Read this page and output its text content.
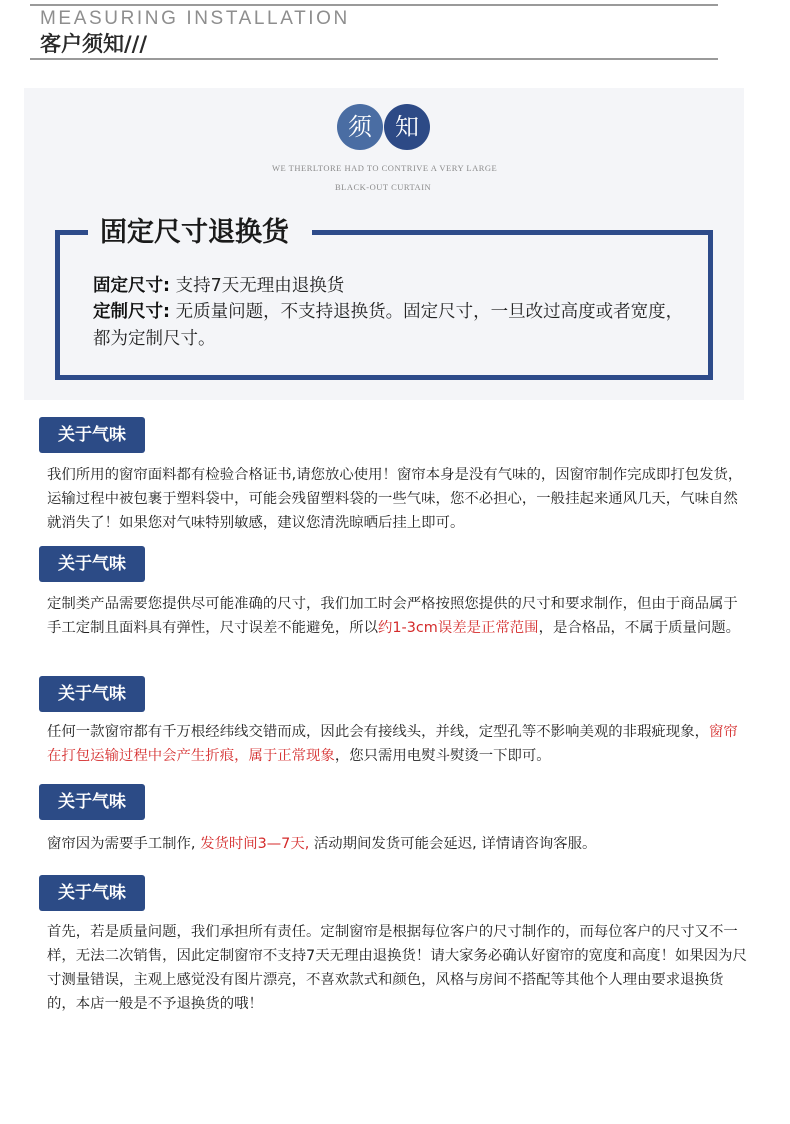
MEASURING INSTALLATION
客户须知///
须 知
WE THERLTORE HAD TO CONTRIVE A VERY LARGE
BLACK-OUT CURTAIN
固定尺寸退换货
固定尺寸: 支持7天无理由退换货
定制尺寸: 无质量问题，不支持退换货。固定尺寸，一旦改过高度或者宽度，都为定制尺寸。
关于气味
我们所用的窗帘面料都有检验合格证书,请您放心使用！窗帘本身是没有气味的，因窗帘制作完成即打包发货，运输过程中被包裹于塑料袋中，可能会残留塑料袋的一些气味，您不必担心，一般挂起来通风几天，气味自然就消失了！如果您对气味特别敏感，建议您清洗晾晒后挂上即可。
关于气味
定制类产品需要您提供尽可能准确的尺寸，我们加工时会严格按照您提供的尺寸和要求制作，但由于商品属于手工定制且面料具有弹性，尺寸误差不能避免，所以约1-3cm误差是正常范围，是合格品，不属于质量问题。
关于气味
任何一款窗帘都有千万根经纬线交错而成，因此会有接线头，并线，定型孔等不影响美观的非瑕疵现象，窗帘在打包运输过程中会产生折痕，属于正常现象，您只需用电熨斗熨烫一下即可。
关于气味
窗帘因为需要手工制作, 发货时间3—7天, 活动期间发货可能会延迟, 详情请咨询客服。
关于气味
首先，若是质量问题，我们承担所有责任。定制窗帘是根据每位客户的尺寸制作的，而每位客户的尺寸又不一样，无法二次销售，因此定制窗帘不支持7天无理由退换货！请大家务必确认好窗帘的宽度和高度！如果因为尺寸测量错误，主观上感觉没有图片漂亮，不喜欢款式和颜色，风格与房间不搭配等其他个人理由要求退换货的，本店一般是不予退换货的哦！
